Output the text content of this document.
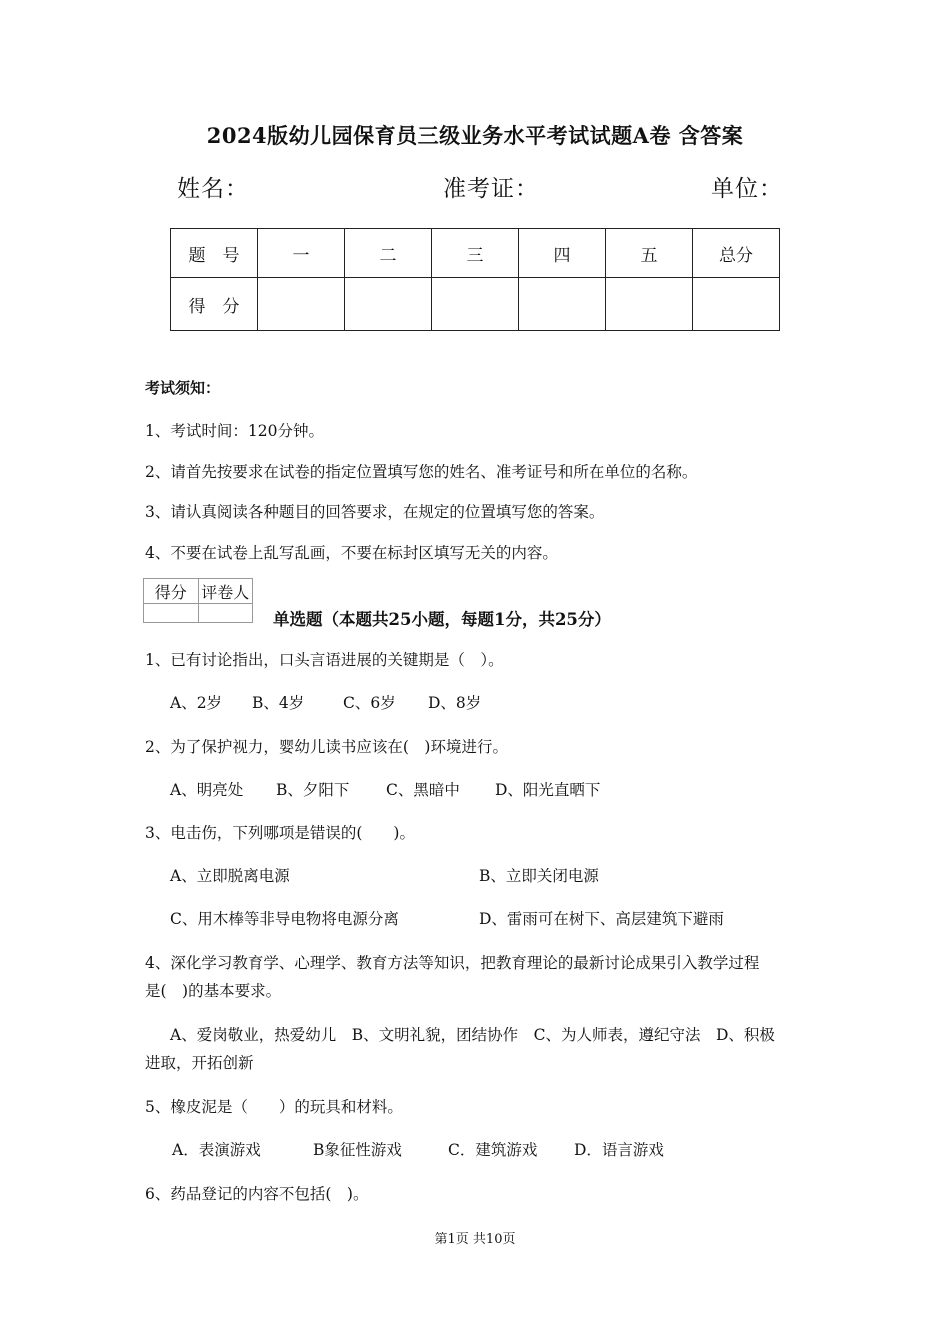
2024版幼儿园保育员三级业务水平考试试题A卷 含答案
姓名：	准考证：	单位：
题　号	一	二	三	四	五	总分
得　分						
考试须知：
1、考试时间：120分钟。
2、请首先按要求在试卷的指定位置填写您的姓名、准考证号和所在单位的名称。
3、请认真阅读各种题目的回答要求，在规定的位置填写您的答案。
4、不要在试卷上乱写乱画，不要在标封区填写无关的内容。
得分	评卷人

单选题（本题共25小题，每题1分，共25分）
1、已有讨论指出，口头言语进展的关键期是（　）。
A、2岁 B、4岁 C、6岁 D、8岁
2、为了保护视力，婴幼儿读书应该在(　)环境进行。
A、明亮处 B、夕阳下 C、黑暗中 D、阳光直晒下
3、电击伤，下列哪项是错误的(　　)。
A、立即脱离电源	B、立即关闭电源
C、用木棒等非导电物将电源分离	D、雷雨可在树下、高层建筑下避雨
4、深化学习教育学、心理学、教育方法等知识，把教育理论的最新讨论成果引入教学过程
是(　)的基本要求。
A、爱岗敬业，热爱幼儿　B、文明礼貌，团结协作　C、为人师表，遵纪守法　D、积极
进取，开拓创新
5、橡皮泥是（　　）的玩具和材料。
A．表演游戏	B象征性游戏	C．建筑游戏 D．语言游戏
6、药品登记的内容不包括(　)。
第1页 共10页
